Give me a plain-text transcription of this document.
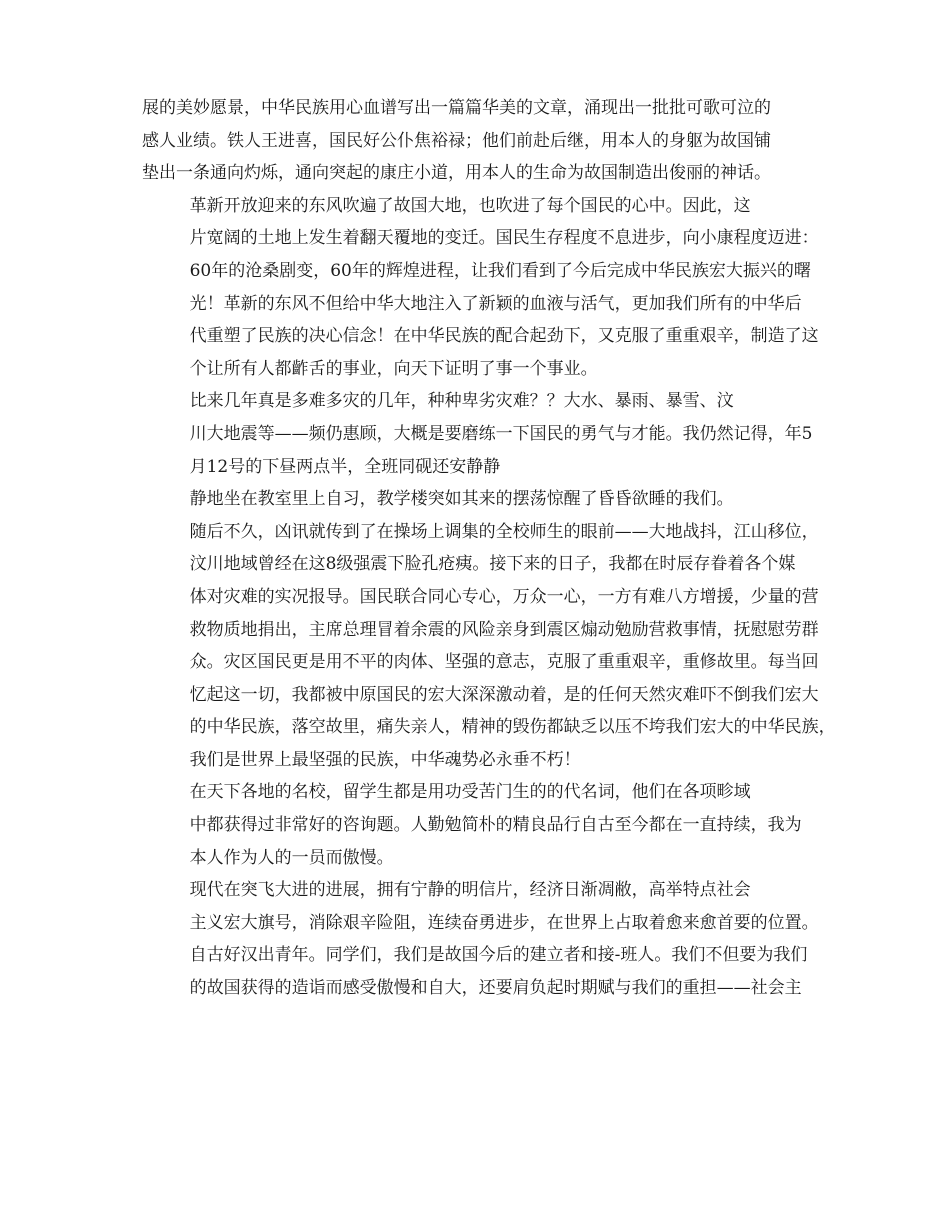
展的美妙愿景，中华民族用心血谱写出一篇篇华美的文章，涌现出一批批可歌可泣的
感人业绩。铁人王进喜，国民好公仆焦裕禄；他们前赴后继，用本人的身躯为故国铺
垫出一条通向灼烁，通向突起的康庄小道，用本人的生命为故国制造出俊丽的神话。

革新开放迎来的东风吹遍了故国大地，也吹进了每个国民的心中。因此，这
片宽阔的土地上发生着翻天覆地的变迁。国民生存程度不息进步，向小康程度迈进：
60年的沧桑剧变，60年的辉煌进程，让我们看到了今后完成中华民族宏大振兴的曙
光！革新的东风不但给中华大地注入了新颖的血液与活气，更加我们所有的中华后
代重塑了民族的决心信念！在中华民族的配合起劲下，又克服了重重艰辛，制造了这
个让所有人都齚舌的事业，向天下证明了事一个事业。

比来几年真是多难多灾的几年，种种卑劣灾难？？大水、暴雨、暴雪、汶
川大地震等——频仍惠顾，大概是要磨练一下国民的勇气与才能。我仍然记得，年5
月12号的下昼两点半，全班同砚还安静静

静地坐在教室里上自习，教学楼突如其来的摆荡惊醒了昏昏欲睡的我们。
随后不久，凶讯就传到了在操场上调集的全校师生的眼前——大地战抖，江山移位，
汶川地域曾经在这8级强震下脸孔疮痍。接下来的日子，我都在时辰存眷着各个媒
体对灾难的实况报导。国民联合同心专心，万众一心，一方有难八方增援，少量的营
救物质地捐出，主席总理冒着余震的风险亲身到震区煽动勉励营救事情，抚慰慰劳群
众。灾区国民更是用不平的肉体、坚强的意志，克服了重重艰辛，重修故里。每当回
忆起这一切，我都被中原国民的宏大深深激动着，是的任何天然灾难吓不倒我们宏大
的中华民族，落空故里，痛失亲人，精神的毁伤都缺乏以压不垮我们宏大的中华民族，
我们是世界上最坚强的民族，中华魂势必永垂不朽！

在天下各地的名校，留学生都是用功受苦门生的的代名词，他们在各项畛域
中都获得过非常好的咨询题。人勤勉简朴的精良品行自古至今都在一直持续，我为
本人作为人的一员而傲慢。

现代在突飞大进的进展，拥有宁静的明信片，经济日渐凋敝，高举特点社会
主义宏大旗号，消除艰辛险阻，连续奋勇进步，在世界上占取着愈来愈首要的位置。
自古好汉出青年。同学们，我们是故国今后的建立者和接-班人。我们不但要为我们
的故国获得的造诣而感受傲慢和自大，还要肩负起时期赋与我们的重担——社会主
